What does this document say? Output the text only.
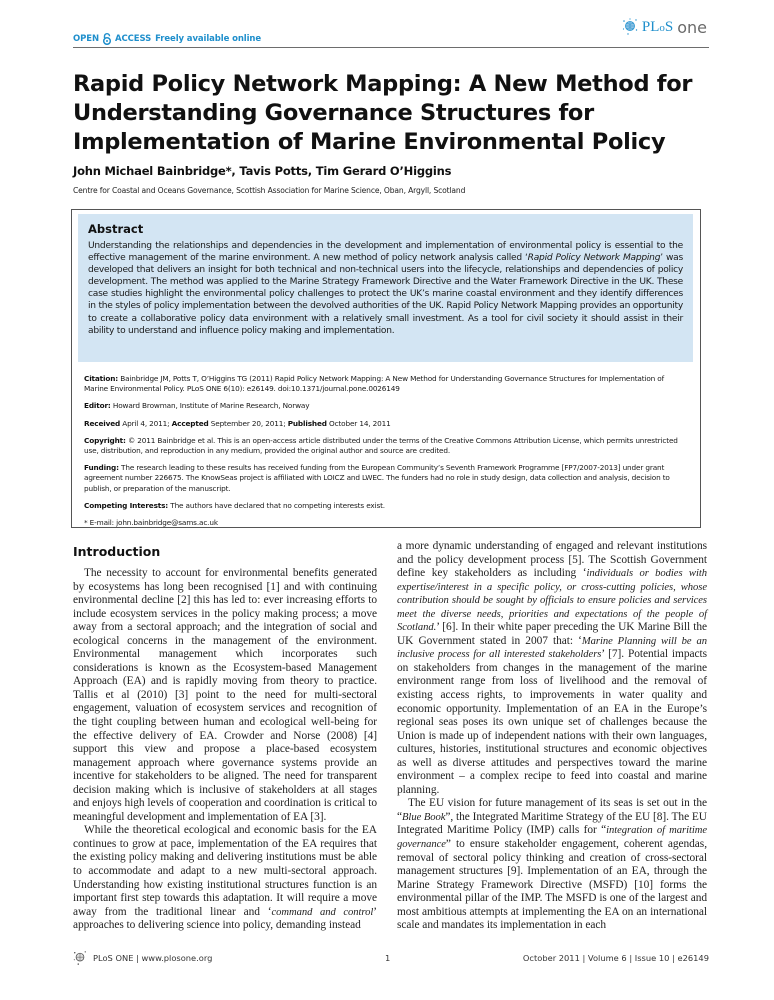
OPEN ACCESS Freely available online
PLoS one
Rapid Policy Network Mapping: A New Method for Understanding Governance Structures for Implementation of Marine Environmental Policy
John Michael Bainbridge*, Tavis Potts, Tim Gerard O’Higgins
Centre for Coastal and Oceans Governance, Scottish Association for Marine Science, Oban, Argyll, Scotland
Abstract

Understanding the relationships and dependencies in the development and implementation of environmental policy is essential to the effective management of the marine environment. A new method of policy network analysis called ‘Rapid Policy Network Mapping’ was developed that delivers an insight for both technical and non-technical users into the lifecycle, relationships and dependencies of policy development. The method was applied to the Marine Strategy Framework Directive and the Water Framework Directive in the UK. These case studies highlight the environmental policy challenges to protect the UK’s marine coastal environment and they identify differences in the styles of policy implementation between the devolved authorities of the UK. Rapid Policy Network Mapping provides an opportunity to create a collaborative policy data environment with a relatively small investment. As a tool for civil society it should assist in their ability to understand and influence policy making and implementation.

Citation: Bainbridge JM, Potts T, O’Higgins TG (2011) Rapid Policy Network Mapping: A New Method for Understanding Governance Structures for Implementation of Marine Environmental Policy. PLoS ONE 6(10): e26149. doi:10.1371/journal.pone.0026149
Editor: Howard Browman, Institute of Marine Research, Norway
Received April 4, 2011; Accepted September 20, 2011; Published October 14, 2011
Copyright: © 2011 Bainbridge et al. This is an open-access article distributed under the terms of the Creative Commons Attribution License, which permits unrestricted use, distribution, and reproduction in any medium, provided the original author and source are credited.
Funding: The research leading to these results has received funding from the European Community’s Seventh Framework Programme [FP7/2007-2013] under grant agreement number 226675. The KnowSeas project is affiliated with LOICZ and LWEC. The funders had no role in study design, data collection and analysis, decision to publish, or preparation of the manuscript.
Competing Interests: The authors have declared that no competing interests exist.
* E-mail: john.bainbridge@sams.ac.uk
Introduction

The necessity to account for environmental benefits generated by ecosystems has long been recognised [1] and with continuing environmental decline [2] this has led to: ever increasing efforts to include ecosystem services in the policy making process; a move away from a sectoral approach; and the integration of social and ecological concerns in the management of the environment. Environmental management which incorporates such considerations is known as the Ecosystem-based Management Approach (EA) and is rapidly moving from theory to practice. Tallis et al (2010) [3] point to the need for multi-sectoral engagement, valuation of ecosystem services and recognition of the tight coupling between human and ecological well-being for the effective delivery of EA. Crowder and Norse (2008) [4] support this view and propose a place-based ecosystem management approach where governance systems provide an incentive for stakeholders to be aligned. The need for transparent decision making which is inclusive of stakeholders at all stages and enjoys high levels of cooperation and coordination is critical to meaningful development and implementation of EA [3].

While the theoretical ecological and economic basis for the EA continues to grow at pace, implementation of the EA requires that the existing policy making and delivering institutions must be able to accommodate and adapt to a new multi-sectoral approach. Understanding how existing institutional structures function is an important first step towards this adaptation. It will require a move away from the traditional linear and ‘command and control’ approaches to delivering science into policy, demanding instead

a more dynamic understanding of engaged and relevant institutions and the policy development process [5]. The Scottish Government define key stakeholders as including ‘individuals or bodies with expertise/interest in a specific policy, or cross-cutting policies, whose contribution should be sought by officials to ensure policies and services meet the diverse needs, priorities and expectations of the people of Scotland.’ [6]. In their white paper preceding the UK Marine Bill the UK Government stated in 2007 that: ‘Marine Planning will be an inclusive process for all interested stakeholders’ [7]. Potential impacts on stakeholders from changes in the management of the marine environment range from loss of livelihood and the removal of existing access rights, to improvements in water quality and economic opportunity. Implementation of an EA in the Europe’s regional seas poses its own unique set of challenges because the Union is made up of independent nations with their own languages, cultures, histories, institutional structures and economic objectives as well as diverse attitudes and perspectives toward the marine environment – a complex recipe to feed into coastal and marine planning.

The EU vision for future management of its seas is set out in the “Blue Book”, the Integrated Maritime Strategy of the EU [8]. The EU Integrated Maritime Policy (IMP) calls for “integration of maritime governance” to ensure stakeholder engagement, coherent agendas, removal of sectoral policy thinking and creation of cross-sectoral management structures [9]. Implementation of an EA, through the Marine Strategy Framework Directive (MSFD) [10] forms the environmental pillar of the IMP. The MSFD is one of the largest and most ambitious attempts at implementing the EA on an international scale and mandates its implementation in each

PLoS ONE | www.plosone.org	1	October 2011 | Volume 6 | Issue 10 | e26149
